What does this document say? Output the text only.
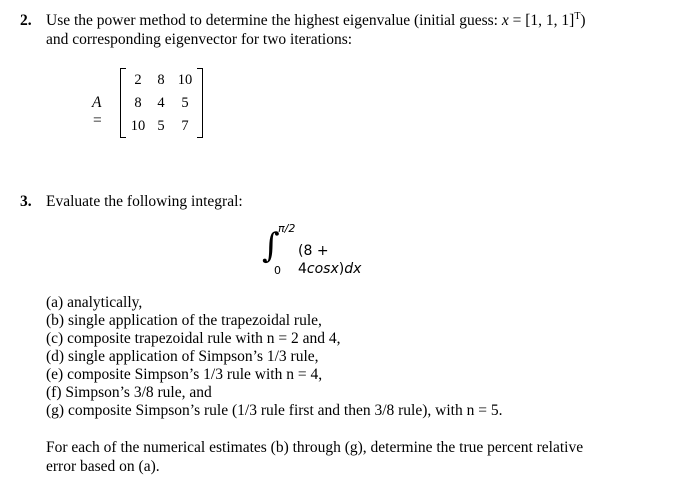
2. Use the power method to determine the highest eigenvalue (initial guess: x = [1, 1, 1]$^T$)
and corresponding eigenvector for two iterations:
A =
2	8 10
8	4	5
10 5	7
3. Evaluate the following integral:
∫
π/2
0
(8 + 4cosx)dx
(a) analytically,
(b) single application of the trapezoidal rule,
(c) composite trapezoidal rule with n = 2 and 4,
(d) single application of Simpson’s 1/3 rule,
(e) composite Simpson’s 1/3 rule with n = 4,
(f) Simpson’s 3/8 rule, and
(g) composite Simpson’s rule (1/3 rule first and then 3/8 rule), with n = 5.
For each of the numerical estimates (b) through (g), determine the true percent relative
error based on (a).
